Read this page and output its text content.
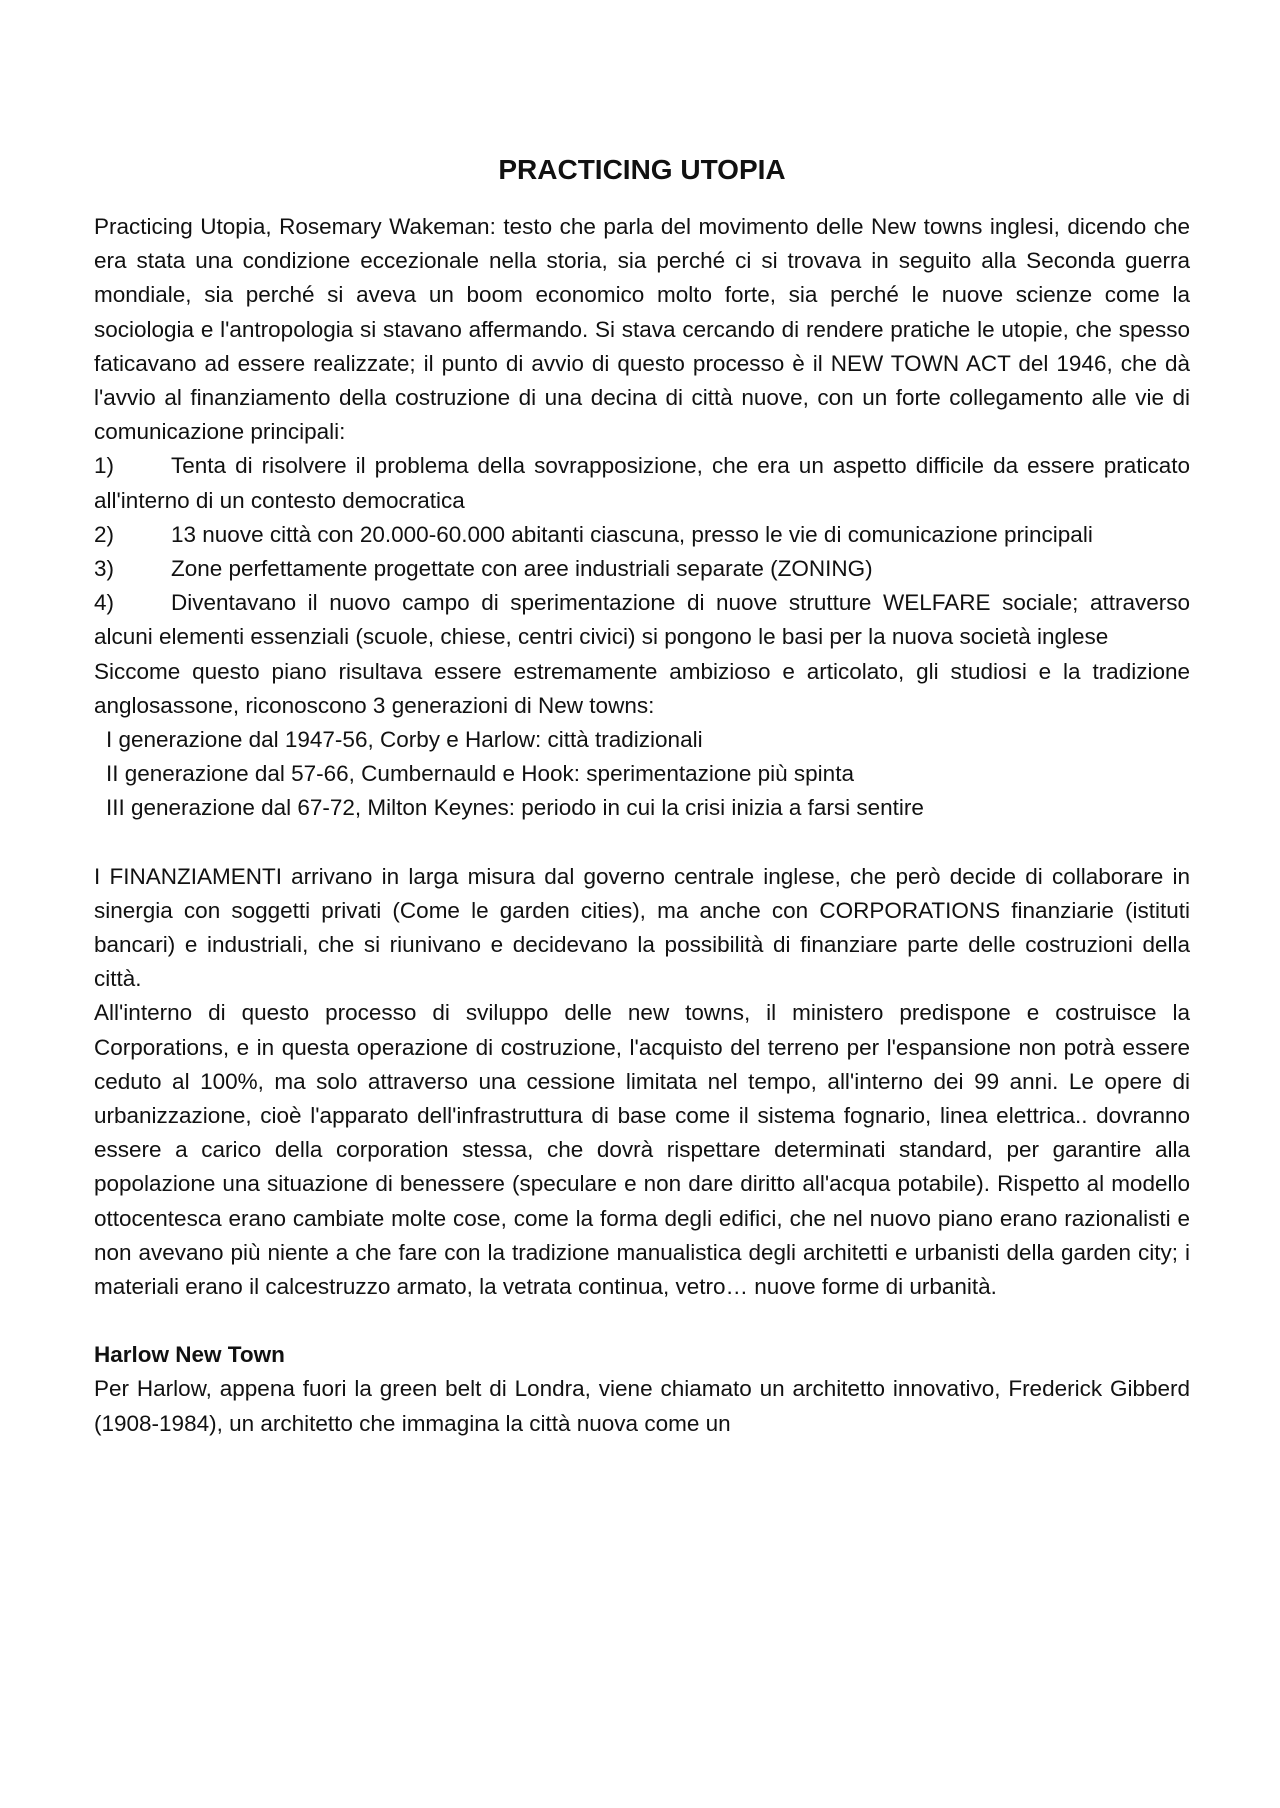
PRACTICING UTOPIA

Practicing Utopia, Rosemary Wakeman: testo che parla del movimento delle New towns inglesi, dicendo che era stata una condizione eccezionale nella storia, sia perché ci si trovava in seguito alla Seconda guerra mondiale, sia perché si aveva un boom economico molto forte, sia perché le nuove scienze come la sociologia e l'antropologia si stavano affermando. Si stava cercando di rendere pratiche le utopie, che spesso faticavano ad essere realizzate; il punto di avvio di questo processo è il NEW TOWN ACT del 1946, che dà l'avvio al finanziamento della costruzione di una decina di città nuove, con un forte collegamento alle vie di comunicazione principali:

1)	Tenta di risolvere il problema della sovrapposizione, che era un aspetto difficile da essere praticato all'interno di un contesto democratica
2)	13 nuove città con 20.000-60.000 abitanti ciascuna, presso le vie di comunicazione principali
3)	Zone perfettamente progettate con aree industriali separate (ZONING)
4)	Diventavano il nuovo campo di sperimentazione di nuove strutture WELFARE sociale; attraverso alcuni elementi essenziali (scuole, chiese, centri civici) si pongono le basi per la nuova società inglese

Siccome questo piano risultava essere estremamente ambizioso e articolato, gli studiosi e la tradizione anglosassone, riconoscono 3 generazioni di New towns:

I generazione dal 1947-56, Corby e Harlow: città tradizionali
II generazione dal 57-66, Cumbernauld e Hook: sperimentazione più spinta
III generazione dal 67-72, Milton Keynes: periodo in cui la crisi inizia a farsi sentire

I FINANZIAMENTI arrivano in larga misura dal governo centrale inglese, che però decide di collaborare in sinergia con soggetti privati (Come le garden cities), ma anche con CORPORATIONS finanziarie (istituti bancari) e industriali, che si riunivano e decidevano la possibilità di finanziare parte delle costruzioni della città.

All'interno di questo processo di sviluppo delle new towns, il ministero predispone e costruisce la Corporations, e in questa operazione di costruzione, l'acquisto del terreno per l'espansione non potrà essere ceduto al 100%, ma solo attraverso una cessione limitata nel tempo, all'interno dei 99 anni. Le opere di urbanizzazione, cioè l'apparato dell'infrastruttura di base come il sistema fognario, linea elettrica.. dovranno essere a carico della corporation stessa, che dovrà rispettare determinati standard, per garantire alla popolazione una situazione di benessere (speculare e non dare diritto all'acqua potabile). Rispetto al modello ottocentesca erano cambiate molte cose, come la forma degli edifici, che nel nuovo piano erano razionalisti e non avevano più niente a che fare con la tradizione manualistica degli architetti e urbanisti della garden city; i materiali erano il calcestruzzo armato, la vetrata continua, vetro… nuove forme di urbanità.

Harlow New Town

Per Harlow, appena fuori la green belt di Londra, viene chiamato un architetto innovativo, Frederick Gibberd (1908-1984), un architetto che immagina la città nuova come un
